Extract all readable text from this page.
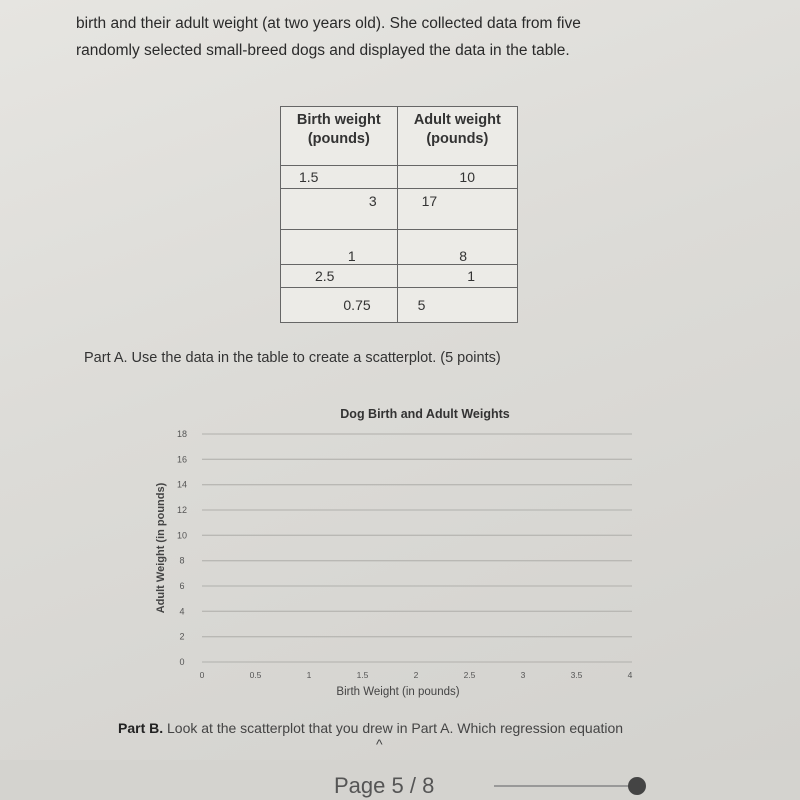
birth and their adult weight (at two years old). She collected data from five

randomly selected small-breed dogs and displayed the data in the table.

Birth weight (pounds)	Adult weight (pounds)
1.5	10
3	17
1	8
2.5	1
0.75	5
Part A. Use the data in the table to create a scatterplot. (5 points)
Dog Birth and Adult Weights
0
2
4
6
8
10
12
14
16
18
0	0.5	1	1.5	2	2.5	3	3.5	4
Adult Weight (in pounds)
Birth Weight (in pounds)
Part B. Look at the scatterplot that you drew in Part A. Which regression equation
^
Page 5 / 8
